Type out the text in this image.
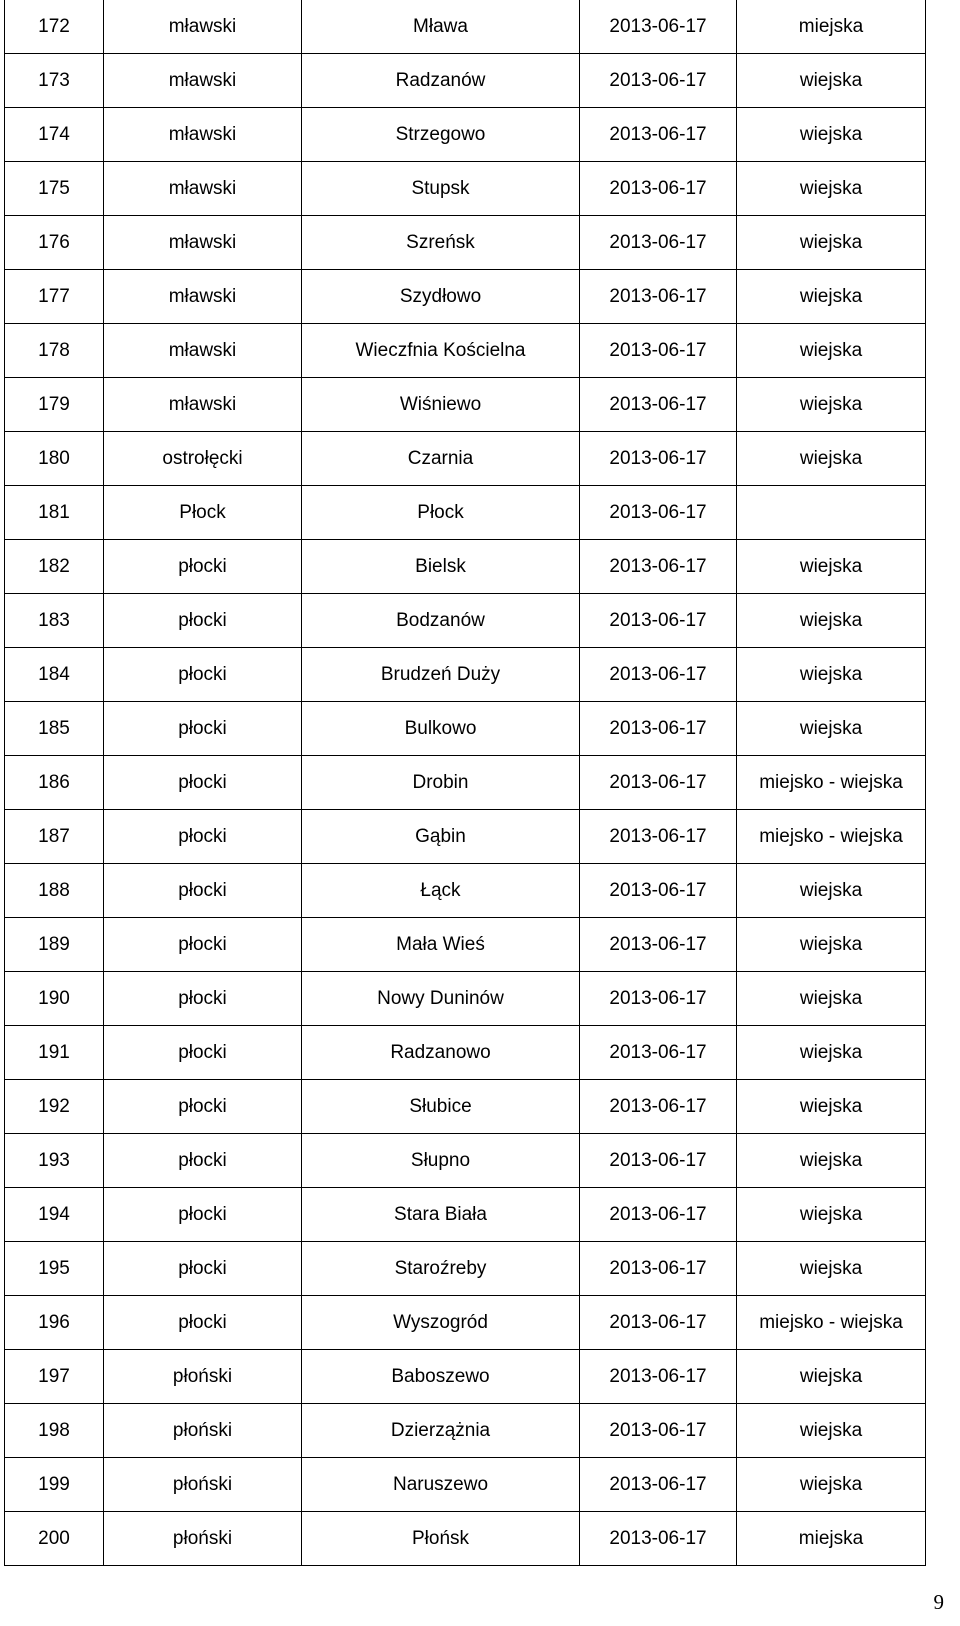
172	mławski	Mława	2013-06-17	miejska
173	mławski	Radzanów	2013-06-17	wiejska
174	mławski	Strzegowo	2013-06-17	wiejska
175	mławski	Stupsk	2013-06-17	wiejska
176	mławski	Szreńsk	2013-06-17	wiejska
177	mławski	Szydłowo	2013-06-17	wiejska
178	mławski	Wieczfnia Kościelna	2013-06-17	wiejska
179	mławski	Wiśniewo	2013-06-17	wiejska
180	ostrołęcki	Czarnia	2013-06-17	wiejska
181	Płock	Płock	2013-06-17	
182	płocki	Bielsk	2013-06-17	wiejska
183	płocki	Bodzanów	2013-06-17	wiejska
184	płocki	Brudzeń Duży	2013-06-17	wiejska
185	płocki	Bulkowo	2013-06-17	wiejska
186	płocki	Drobin	2013-06-17	miejsko - wiejska
187	płocki	Gąbin	2013-06-17	miejsko - wiejska
188	płocki	Łąck	2013-06-17	wiejska
189	płocki	Mała Wieś	2013-06-17	wiejska
190	płocki	Nowy Duninów	2013-06-17	wiejska
191	płocki	Radzanowo	2013-06-17	wiejska
192	płocki	Słubice	2013-06-17	wiejska
193	płocki	Słupno	2013-06-17	wiejska
194	płocki	Stara Biała	2013-06-17	wiejska
195	płocki	Staroźreby	2013-06-17	wiejska
196	płocki	Wyszogród	2013-06-17	miejsko - wiejska
197	płoński	Baboszewo	2013-06-17	wiejska
198	płoński	Dzierzążnia	2013-06-17	wiejska
199	płoński	Naruszewo	2013-06-17	wiejska
200	płoński	Płońsk	2013-06-17	miejska
9
